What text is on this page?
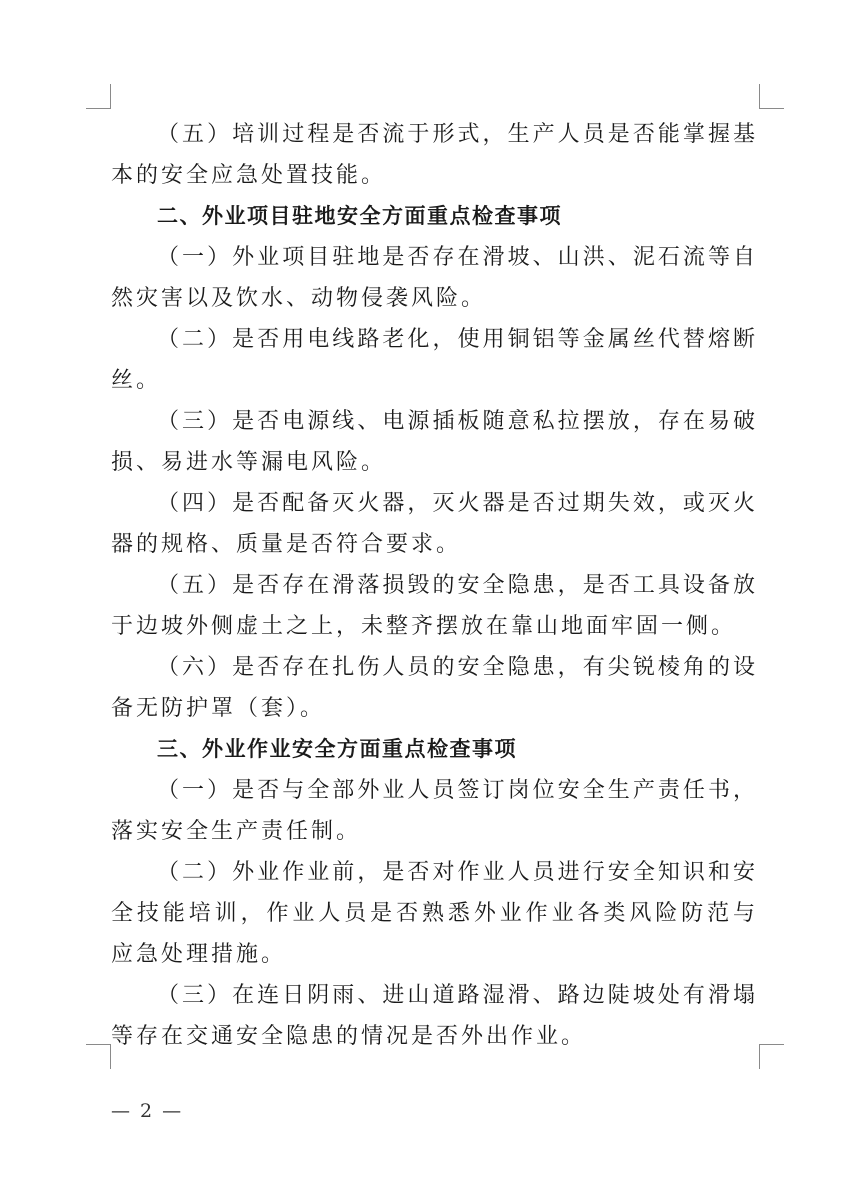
（五）培训过程是否流于形式，生产人员是否能掌握基本的安全应急处置技能。

二、外业项目驻地安全方面重点检查事项

（一）外业项目驻地是否存在滑坡、山洪、泥石流等自然灾害以及饮水、动物侵袭风险。

（二）是否用电线路老化，使用铜铝等金属丝代替熔断丝。

（三）是否电源线、电源插板随意私拉摆放，存在易破损、易进水等漏电风险。

（四）是否配备灭火器，灭火器是否过期失效，或灭火器的规格、质量是否符合要求。

（五）是否存在滑落损毁的安全隐患，是否工具设备放于边坡外侧虚土之上，未整齐摆放在靠山地面牢固一侧。

（六）是否存在扎伤人员的安全隐患，有尖锐棱角的设备无防护罩（套）。

三、外业作业安全方面重点检查事项

（一）是否与全部外业人员签订岗位安全生产责任书，落实安全生产责任制。

（二）外业作业前，是否对作业人员进行安全知识和安全技能培训，作业人员是否熟悉外业作业各类风险防范与应急处理措施。

（三）在连日阴雨、进山道路湿滑、路边陡坡处有滑塌等存在交通安全隐患的情况是否外出作业。

— 2 —
